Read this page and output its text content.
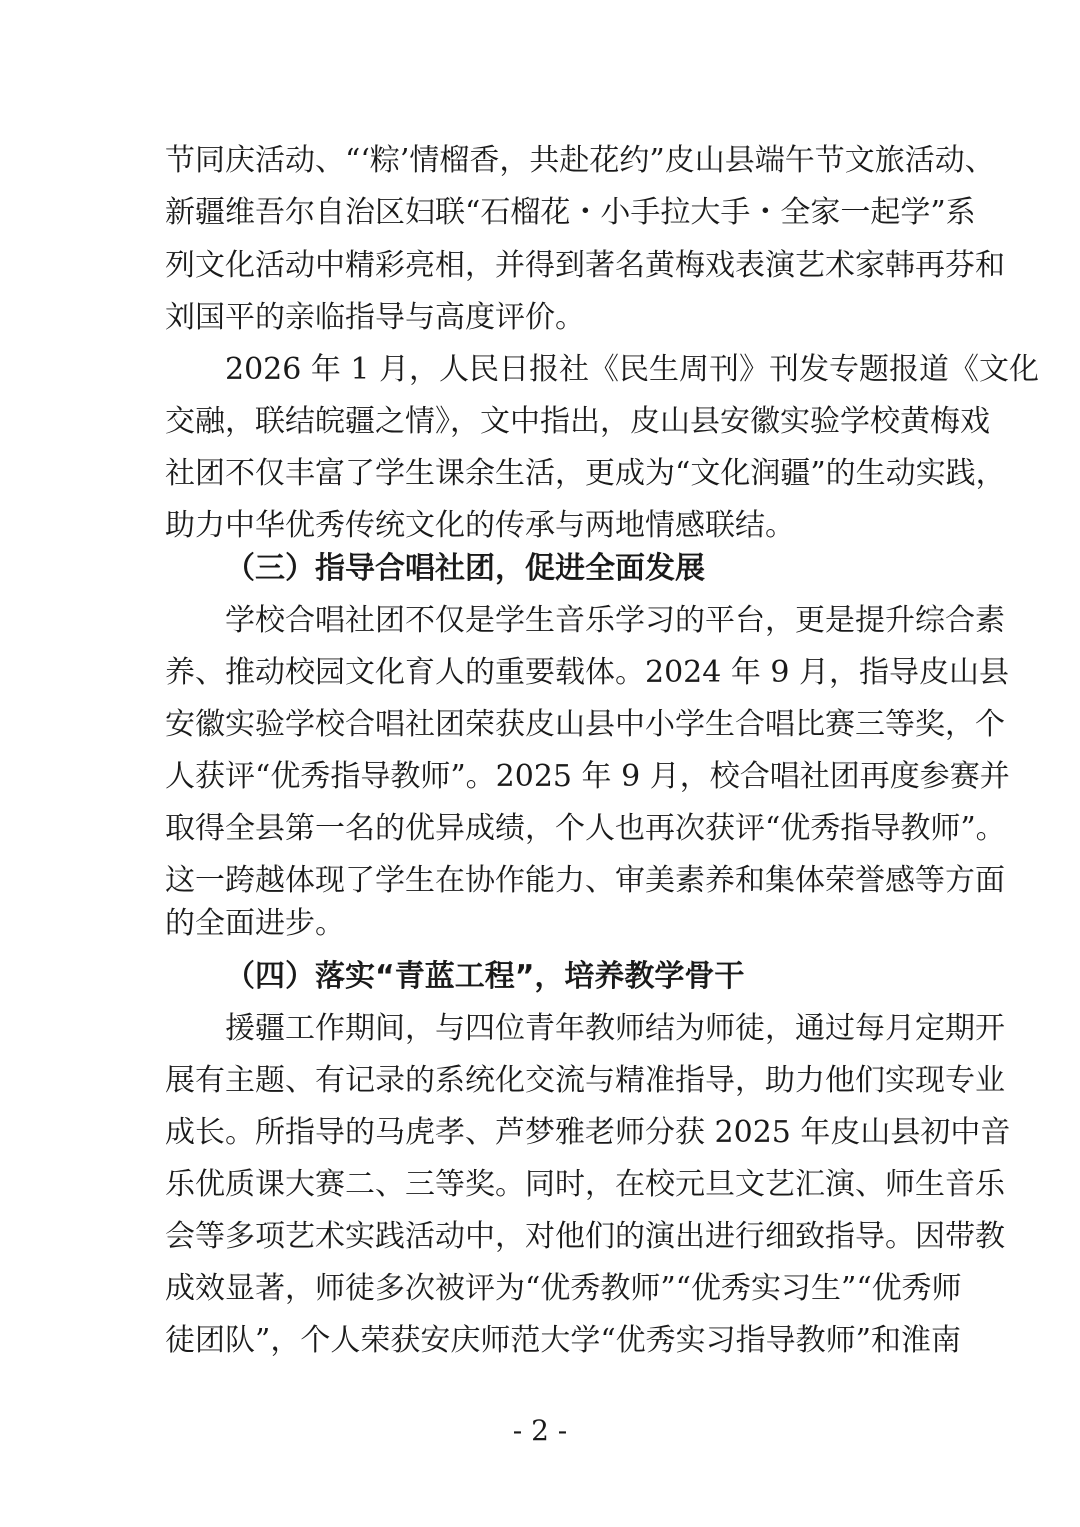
节同庆活动、“‘粽’情榴香，共赴花约”皮山县端午节文旅活动、
新疆维吾尔自治区妇联“石榴花・小手拉大手・全家一起学”系
列文化活动中精彩亮相，并得到著名黄梅戏表演艺术家韩再芬和
刘国平的亲临指导与高度评价。
2026 年 1 月，人民日报社《民生周刊》刊发专题报道《文化
交融，联结皖疆之情》，文中指出，皮山县安徽实验学校黄梅戏
社团不仅丰富了学生课余生活，更成为“文化润疆”的生动实践，
助力中华优秀传统文化的传承与两地情感联结。
（三）指导合唱社团，促进全面发展
学校合唱社团不仅是学生音乐学习的平台，更是提升综合素
养、推动校园文化育人的重要载体。2024 年 9 月，指导皮山县
安徽实验学校合唱社团荣获皮山县中小学生合唱比赛三等奖，个
人获评“优秀指导教师”。2025 年 9 月，校合唱社团再度参赛并
取得全县第一名的优异成绩，个人也再次获评“优秀指导教师”。
这一跨越体现了学生在协作能力、审美素养和集体荣誉感等方面
的全面进步。
（四）落实“青蓝工程”，培养教学骨干
援疆工作期间，与四位青年教师结为师徒，通过每月定期开
展有主题、有记录的系统化交流与精准指导，助力他们实现专业
成长。所指导的马虎孝、芦梦雅老师分获 2025 年皮山县初中音
乐优质课大赛二、三等奖。同时，在校元旦文艺汇演、师生音乐
会等多项艺术实践活动中，对他们的演出进行细致指导。因带教
成效显著，师徒多次被评为“优秀教师”“优秀实习生”“优秀师
徒团队”，个人荣获安庆师范大学“优秀实习指导教师”和淮南
- 2 -
